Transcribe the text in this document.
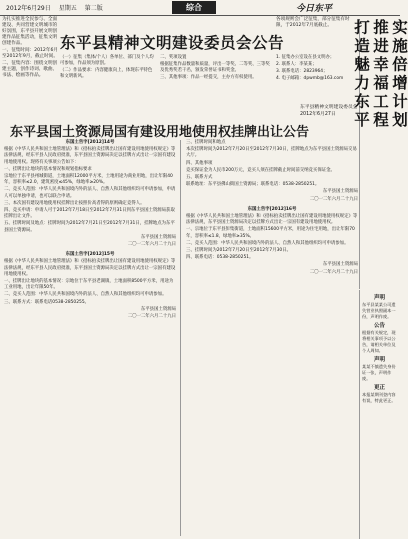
2012年6月29日 星期五 第二版	综合	今日东平

为扎实推进全民参与、全面建设、共同营建文明城市的好氛围，东平县开展文明创建作品征集活动，征集文明创建作品。

一、征集时间：2012年6月至2012年9月，截止时间。

二、征集内容：围绕文明创建主题，创作诗词、歌曲、书法、绘画等作品。

东平县精神文明建设委员会公告
各项规则会广泛征集，部分征集有时限，于2012年7月底截止。

（一）征集（集体/个人）各单位、部门及个人均可参加，作品须为原创。

（二）作品要求：内容健康向上，体现东平特色和文明新风。

二、奖项设置

根据征集作品数量和质量，评出一等奖、二等奖、三等奖及优秀奖若干名，颁发荣誉证书和奖金。

三、其他事项：作品一经提交，主办方有权使用。

1. 征集办公室设在县文明办；

2. 联系人：李某某；

3. 联系电话：2823964；

4. 电子邮箱：dpwmb@163.com

东平县精神文明建设委员会 2012年6月27日
东平县国土资源局国有建设用地使用权挂牌出让公告

东国土告字[2012]14号

根据《中华人民共和国土地管理法》和《招标拍卖挂牌出让国有建设用地使用权规定》等法律法规，经东平县人民政府批准，东平县国土资源局决定以挂牌方式出让一宗国有建设用地使用权。现将有关事项公告如下：

一、挂牌出让地块的基本情况和规划指标要求

宗地位于东平县州城街道，土地面积12000平方米，土地用途为商业用地，出让年限40年，容积率≤2.0，建筑密度≤45%，绿地率≥20%。

二、竞买人范围：中华人民共和国境内外的法人、自然人和其他组织均可申请参加，申请人可以单独申请，也可以联合申请。

三、本次国有建设用地使用权挂牌出让按照价高者得的原则确定竞得人。

四、竞买申请：申请人可于2012年7月18日至2012年7月31日到东平县国土资源局获取挂牌出让文件。

五、挂牌时间及地点：挂牌时间为2012年7月21日至2012年7月31日，挂牌地点为东平县国土资源局。

东平县国土资源局

二〇一二年六月二十九日

东国土告字[2012]15号

根据《中华人民共和国土地管理法》和《招标拍卖挂牌出让国有建设用地使用权规定》等法律法规，经东平县人民政府批准，东平县国土资源局决定以挂牌方式出让一宗国有建设用地使用权。

一、挂牌出让地块的基本情况：宗地位于东平县老湖镇，土地面积8500平方米，用途为工业用地，出让年限50年。

二、竞买人范围：中华人民共和国境内外的法人、自然人和其他组织均可申请参加。

三、联系方式：联系电话0538-2850255。

东平县国土资源局

二〇一二年六月二十九日

三、挂牌时间和地点

本次挂牌时间为2012年7月20日至2012年7月30日，挂牌地点为东平县国土资源局交易大厅。

四、其他事项

竞买保证金为人民币200万元，竞买人须在挂牌截止时间前交纳竞买保证金。

五、联系方式

联系地址：东平县佛山街国土资源局；联系电话：0538-2850251。

东平县国土资源局

二〇一二年六月二十九日

东国土告字[2012]16号

根据《中华人民共和国土地管理法》和《招标拍卖挂牌出让国有建设用地使用权规定》等法律法规，东平县国土资源局决定以挂牌方式出让一宗国有建设用地使用权。

一、宗地位于东平县彭集街道，土地面积15600平方米，用途为住宅用地，出让年限70年，容积率≤1.8，绿地率≥35%。

二、竞买人范围：中华人民共和国境内外的法人、自然人和其他组织均可申请参加。

三、挂牌时间为2012年7月20日至2012年7月30日。

四、联系电话：0538-2850251。

东平县国土资源局

二〇一二年六月二十九日

实施倍增计划
推进幸福工程
打造魅力东平
声明

东平县某某公司遗失营业执照副本一份，声明作废。

公告

根据有关规定，现将相关事项予以公告，请相关单位及个人周知。

声明

某某不慎遗失身份证一张，声明作废。

更正

本报某期刊登内容有误，特此更正。
